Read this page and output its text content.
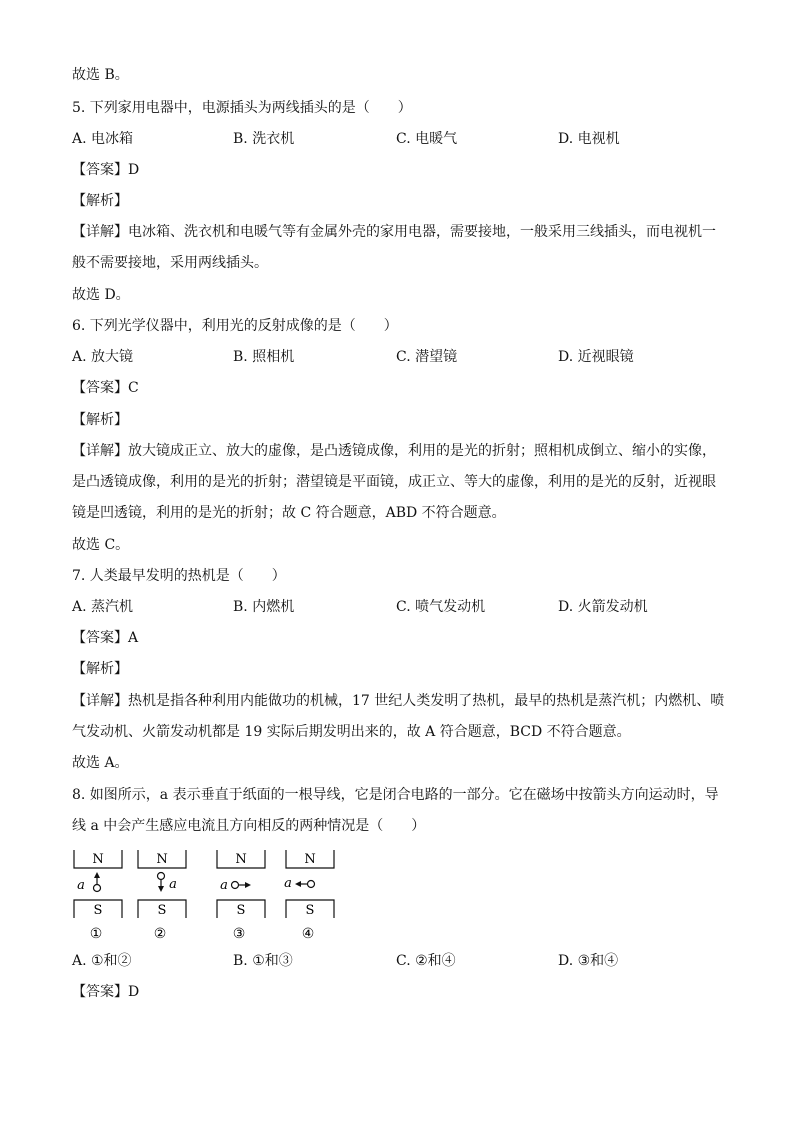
故选 B。
5. 下列家用电器中，电源插头为两线插头的是（　　）
A. 电冰箱	B. 洗衣机	C. 电暖气	D. 电视机
【答案】D
【解析】
【详解】电冰箱、洗衣机和电暖气等有金属外壳的家用电器，需要接地，一般采用三线插头，而电视机一
般不需要接地，采用两线插头。
故选 D。
6. 下列光学仪器中，利用光的反射成像的是（　　）
A. 放大镜	B. 照相机	C. 潜望镜	D. 近视眼镜
【答案】C
【解析】
【详解】放大镜成正立、放大的虚像，是凸透镜成像，利用的是光的折射；照相机成倒立、缩小的实像，
是凸透镜成像，利用的是光的折射；潜望镜是平面镜，成正立、等大的虚像，利用的是光的反射，近视眼
镜是凹透镜，利用的是光的折射；故 C 符合题意，ABD 不符合题意。
故选 C。
7. 人类最早发明的热机是（　　）
A. 蒸汽机	B. 内燃机	C. 喷气发动机	D. 火箭发动机
【答案】A
【解析】
【详解】热机是指各种利用内能做功的机械，17 世纪人类发明了热机，最早的热机是蒸汽机；内燃机、喷
气发动机、火箭发动机都是 19 实际后期发明出来的，故 A 符合题意，BCD 不符合题意。
故选 A。
8. 如图所示，a 表示垂直于纸面的一根导线，它是闭合电路的一部分。它在磁场中按箭头方向运动时，导
线 a 中会产生感应电流且方向相反的两种情况是（　　）
N	N	N	N
S	S	S	S
a	a	a	a
①	②	③	④
A. ①和②	B. ①和③	C. ②和④	D. ③和④
【答案】D
